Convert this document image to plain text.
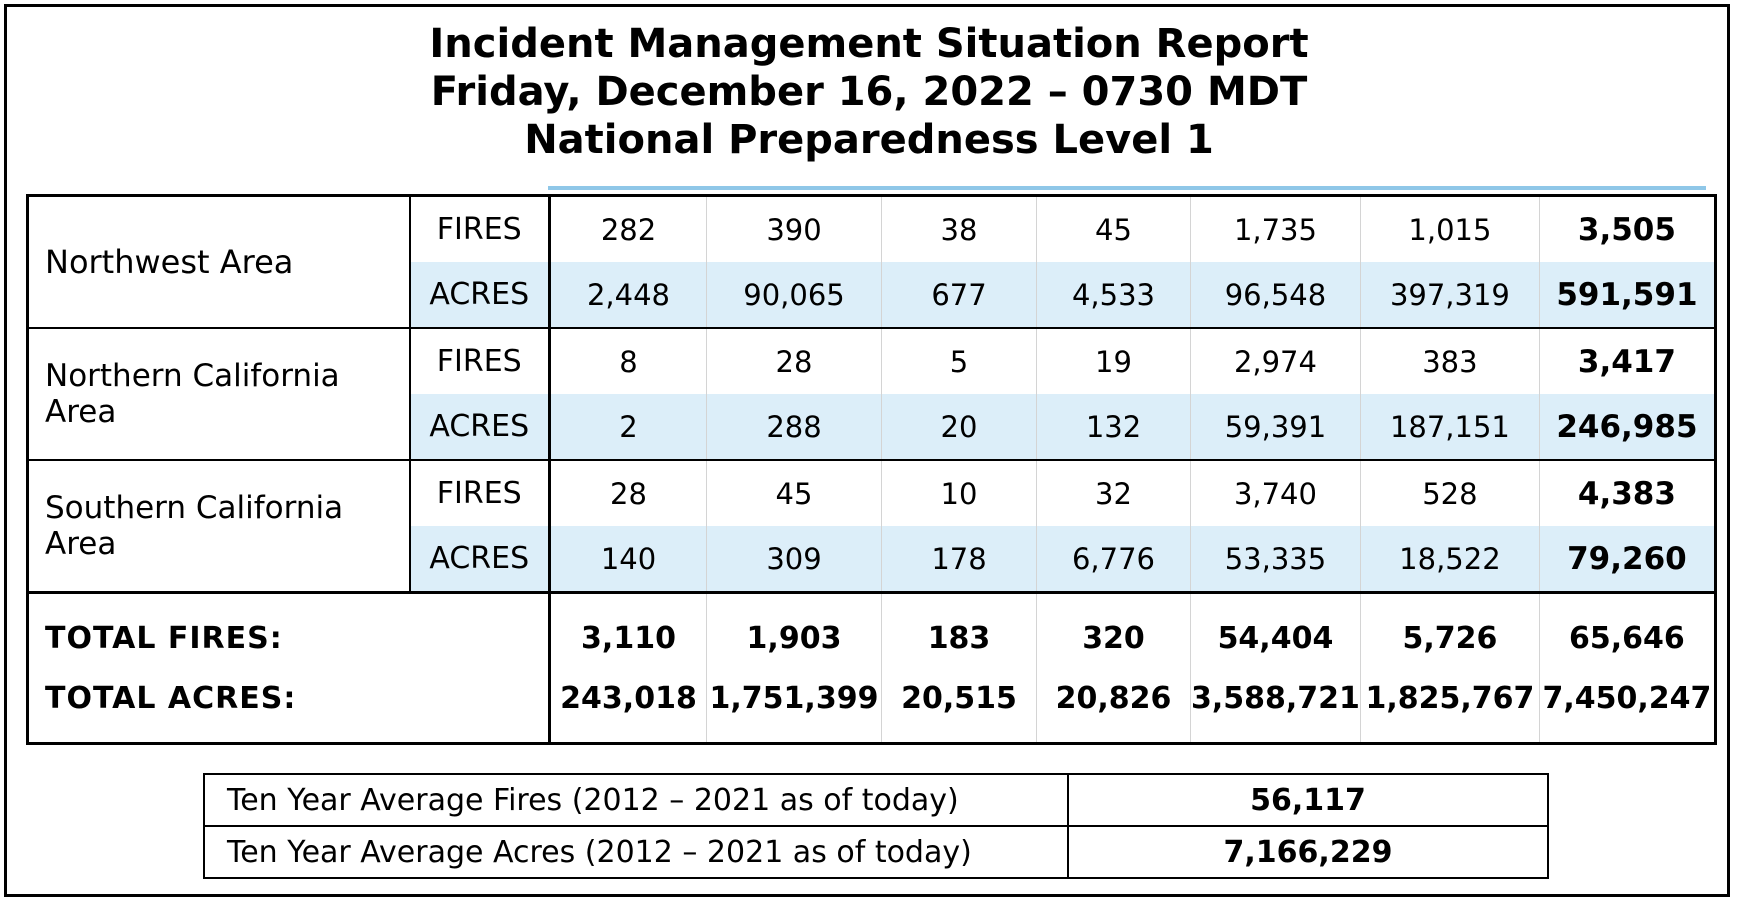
Incident Management Situation Report
Friday, December 16, 2022 – 0730 MDT
National Preparedness Level 1
Northwest Area	FIRES	282	390	38	45	1,735	1,015	3,505
	ACRES	2,448	90,065	677	4,533	96,548	397,319	591,591
Northern California Area	FIRES	8	28	5	19	2,974	383	3,417
	ACRES	2	288	20	132	59,391	187,151	246,985
Southern California Area	FIRES	28	45	10	32	3,740	528	4,383
	ACRES	140	309	178	6,776	53,335	18,522	79,260
TOTAL FIRES:		3,110	1,903	183	320	54,404	5,726	65,646
TOTAL ACRES:		243,018	1,751,399	20,515	20,826	3,588,721	1,825,767	7,450,247
Ten Year Average Fires (2012 – 2021 as of today)	56,117
Ten Year Average Acres (2012 – 2021 as of today)	7,166,229
